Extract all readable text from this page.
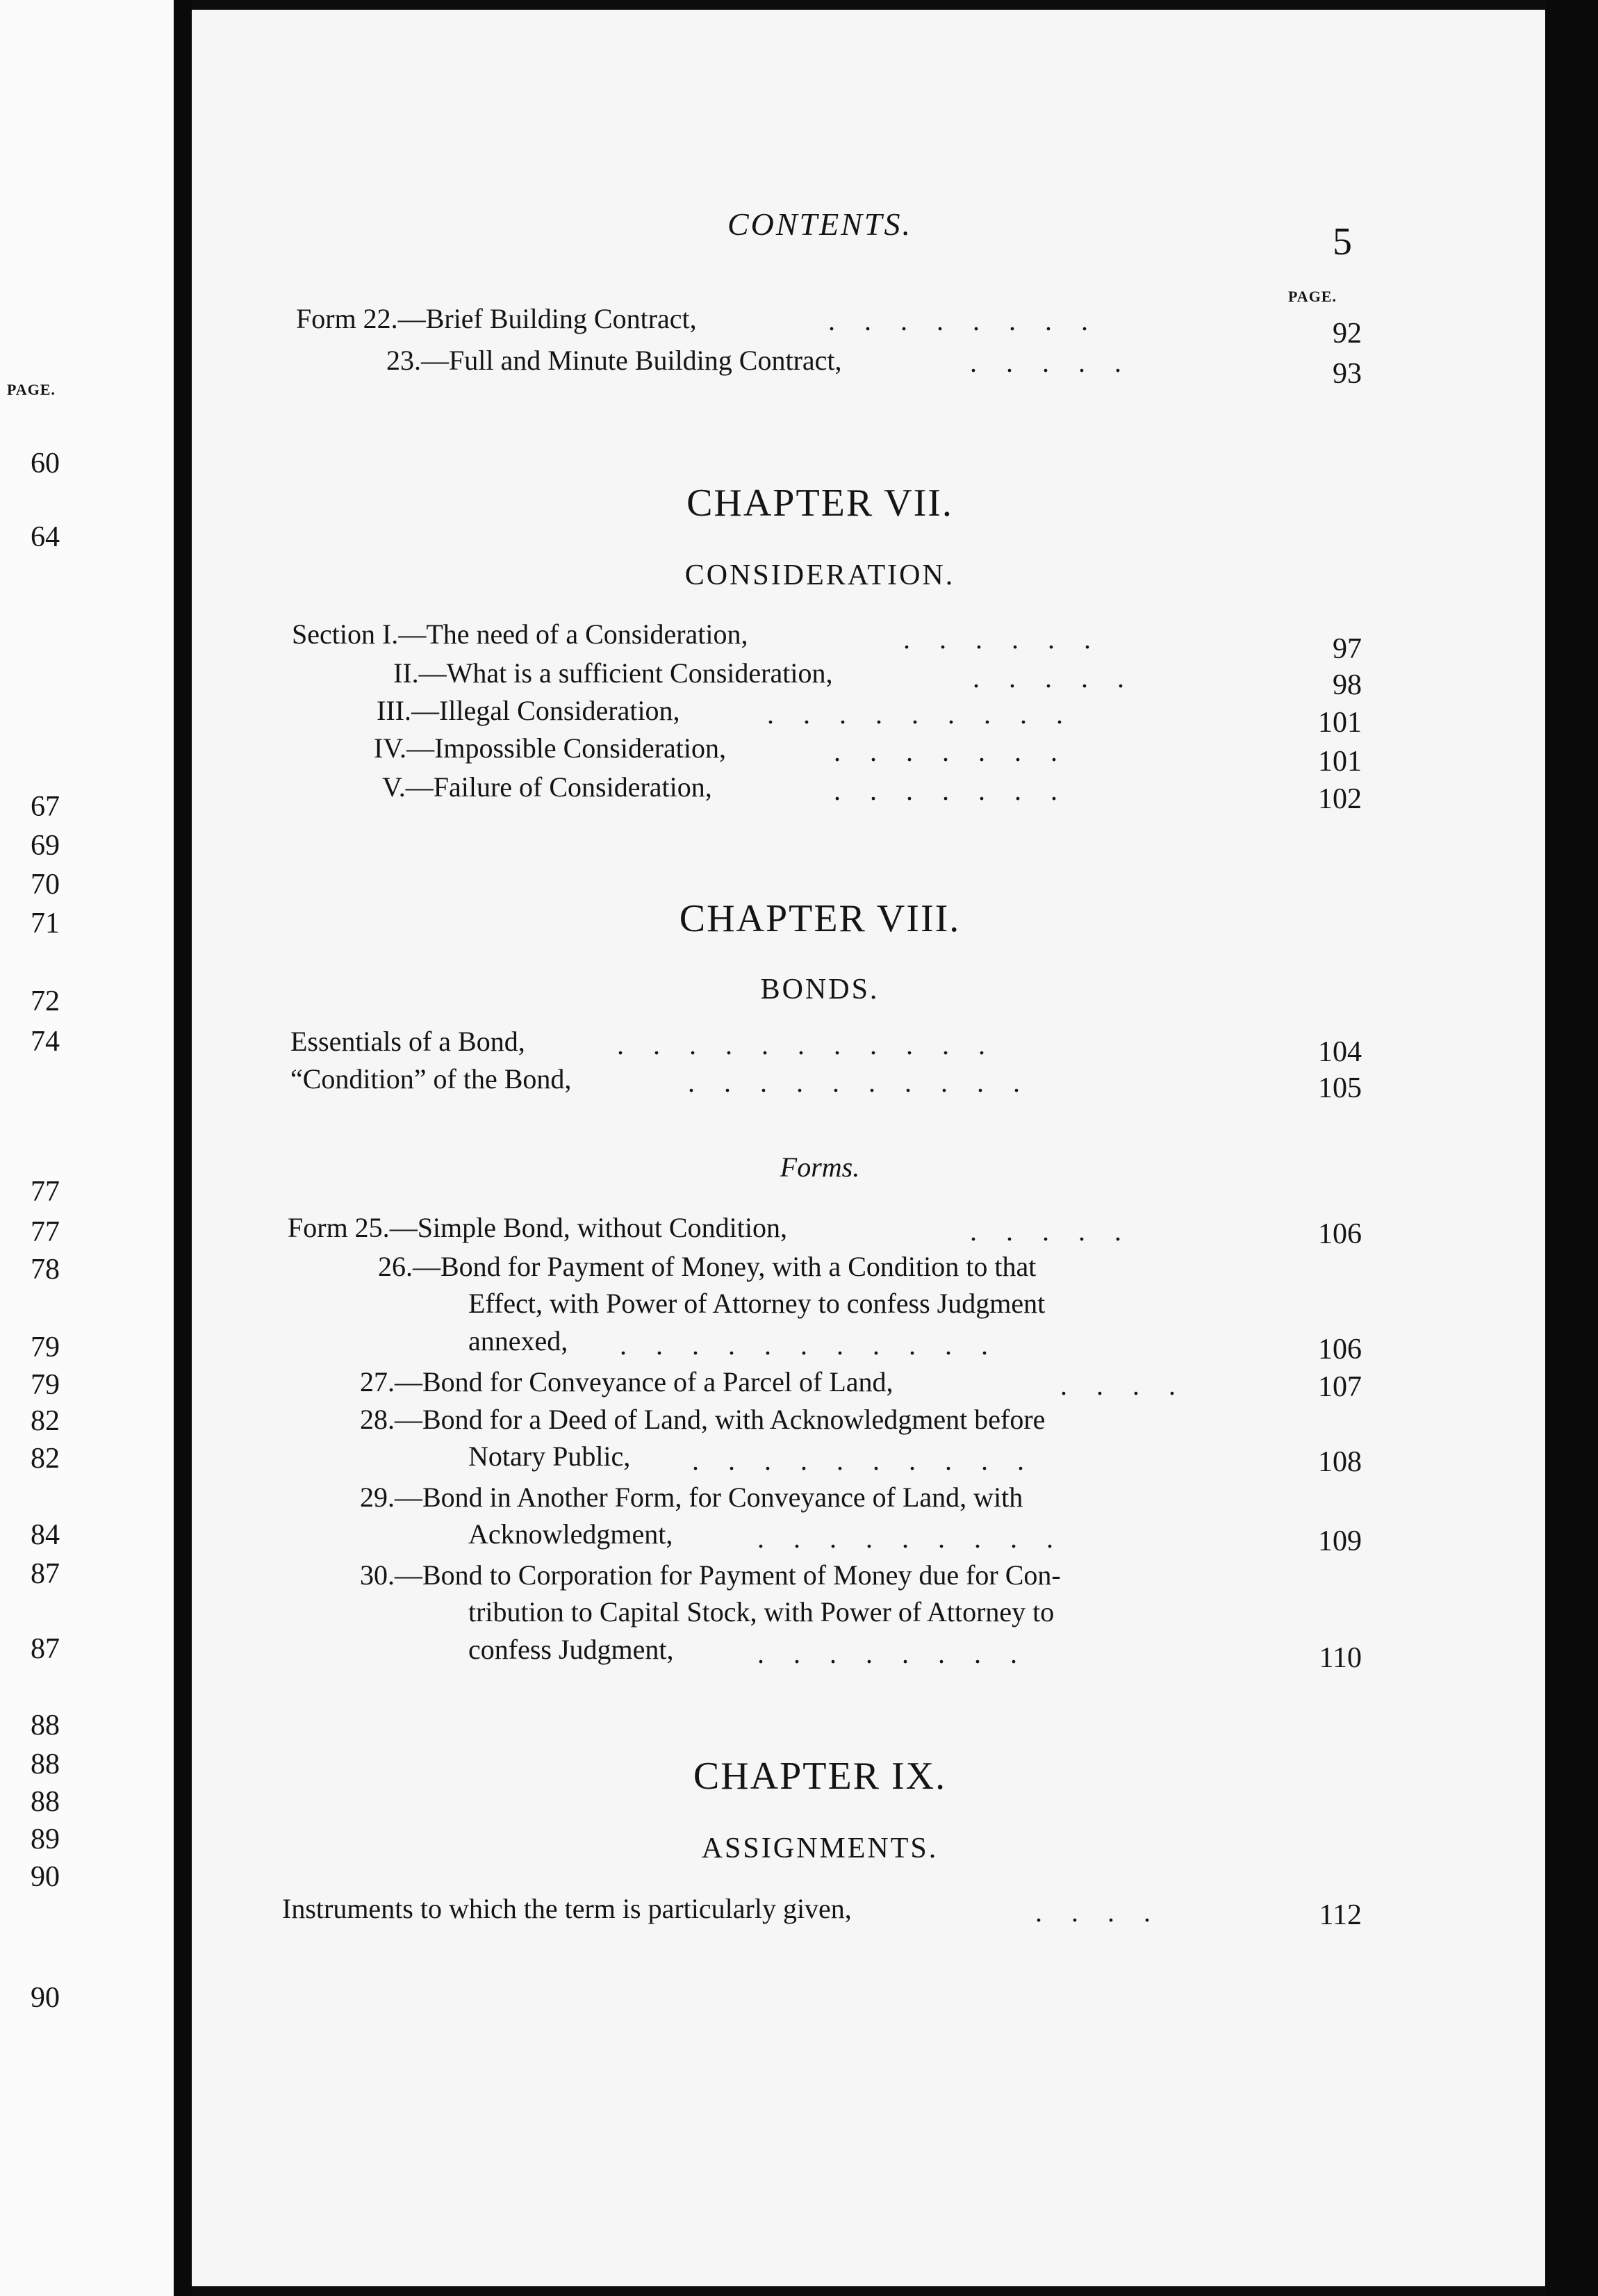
PAGE.
60
64
67
69
70
71
72
74
77
77
78
79
79
82
82
84
87
87
88
88
88
89
90
90
CONTENTS.	5
PAGE.
Form 22.—Brief Building Contract,	........	92
23.—Full and Minute Building Contract,	.....	93
CHAPTER VII.
CONSIDERATION.
Section I.—The need of a Consideration,	......	97
II.—What is a sufficient Consideration,	.....	98
III.—Illegal Consideration,	.........	101
IV.—Impossible Consideration,	.......	101
V.—Failure of Consideration,	.......	102
CHAPTER VIII.
BONDS.
Essentials of a Bond,	...........	104
“Condition” of the Bond,	..........	105
Forms.
Form 25.—Simple Bond, without Condition,	.....	106
26.—Bond for Payment of Money, with a Condition to that
Effect, with Power of Attorney to confess Judgment
annexed, ...........	106
27.—Bond for Conveyance of a Parcel of Land,	....	107
28.—Bond for a Deed of Land, with Acknowledgment before
Notary Public, ..........	108
29.—Bond in Another Form, for Conveyance of Land, with
Acknowledgment,	.........	109
30.—Bond to Corporation for Payment of Money due for Con-
tribution to Capital Stock, with Power of Attorney to
confess Judgment,	........	110
CHAPTER IX.
ASSIGNMENTS.
Instruments to which the term is particularly given,	....	112
